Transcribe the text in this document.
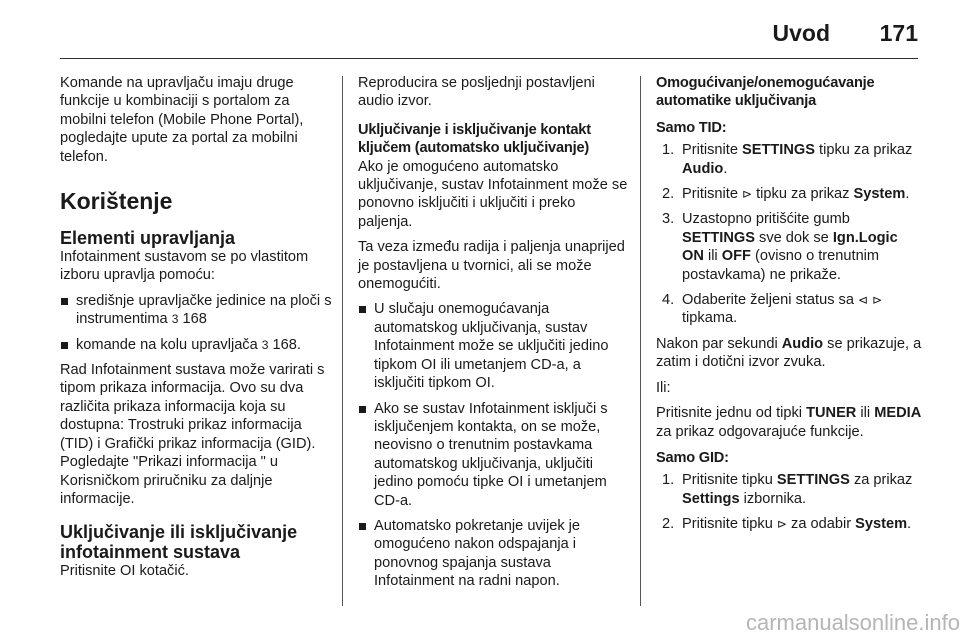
Uvod 171

Komande na upravljaču imaju druge funkcije u kombinaciji s portalom za mobilni telefon (Mobile Phone Portal), pogledajte upute za portal za mobilni telefon.

Korištenje
Elementi upravljanja

Infotainment sustavom se po vlastitom izboru upravlja pomoću:

središnje upravljačke jedinice na ploči s instrumentima 3 168
komande na kolu upravljača 3 168.

Rad Infotainment sustava može varirati s tipom prikaza informacija. Ovo su dva različita prikaza informacija koja su dostupna: Trostruki prikaz informacija (TID) i Grafički prikaz informacija (GID). Pogledajte "Prikazi informacija " u Korisničkom priručniku za daljnje informacije.

Uključivanje ili isključivanje infotainment sustava

Pritisnite OI kotačić.

Reproducira se posljednji postavljeni audio izvor.

Uključivanje i isključivanje kontakt ključem (automatsko uključivanje)

Ako je omogućeno automatsko uključivanje, sustav Infotainment može se ponovno isključiti i uključiti i preko paljenja.

Ta veza između radija i paljenja unaprijed je postavljena u tvornici, ali se može onemogućiti.

U slučaju onemogućavanja automatskog uključivanja, sustav Infotainment može se uključiti jedino tipkom OI ili umetanjem CD-a, a isključiti tipkom OI.
Ako se sustav Infotainment isključi s isključenjem kontakta, on se može, neovisno o trenutnim postavkama automatskog uključivanja, uključiti jedino pomoću tipke OI i umetanjem CD-a.
Automatsko pokretanje uvijek je omogućeno nakon odspajanja i ponovnog spajanja sustava Infotainment na radni napon.
Omogućivanje/onemogućavanje automatike uključivanja
Samo TID:
1. Pritisnite SETTINGS tipku za prikaz Audio.
2. Pritisnite ⊳ tipku za prikaz System.
3. Uzastopno pritišćite gumb SETTINGS sve dok se Ign.Logic ON ili OFF (ovisno o trenutnim postavkama) ne prikaže.
4. Odaberite željeni status sa ⊲ ⊳ tipkama.

Nakon par sekundi Audio se prikazuje, a zatim i dotični izvor zvuka.

Ili:

Pritisnite jednu od tipki TUNER ili MEDIA za prikaz odgovarajuće funkcije.

Samo GID:
1. Pritisnite tipku SETTINGS za prikaz Settings izbornika.
2. Pritisnite tipku ⊳ za odabir System.
carmanualsonline.info
